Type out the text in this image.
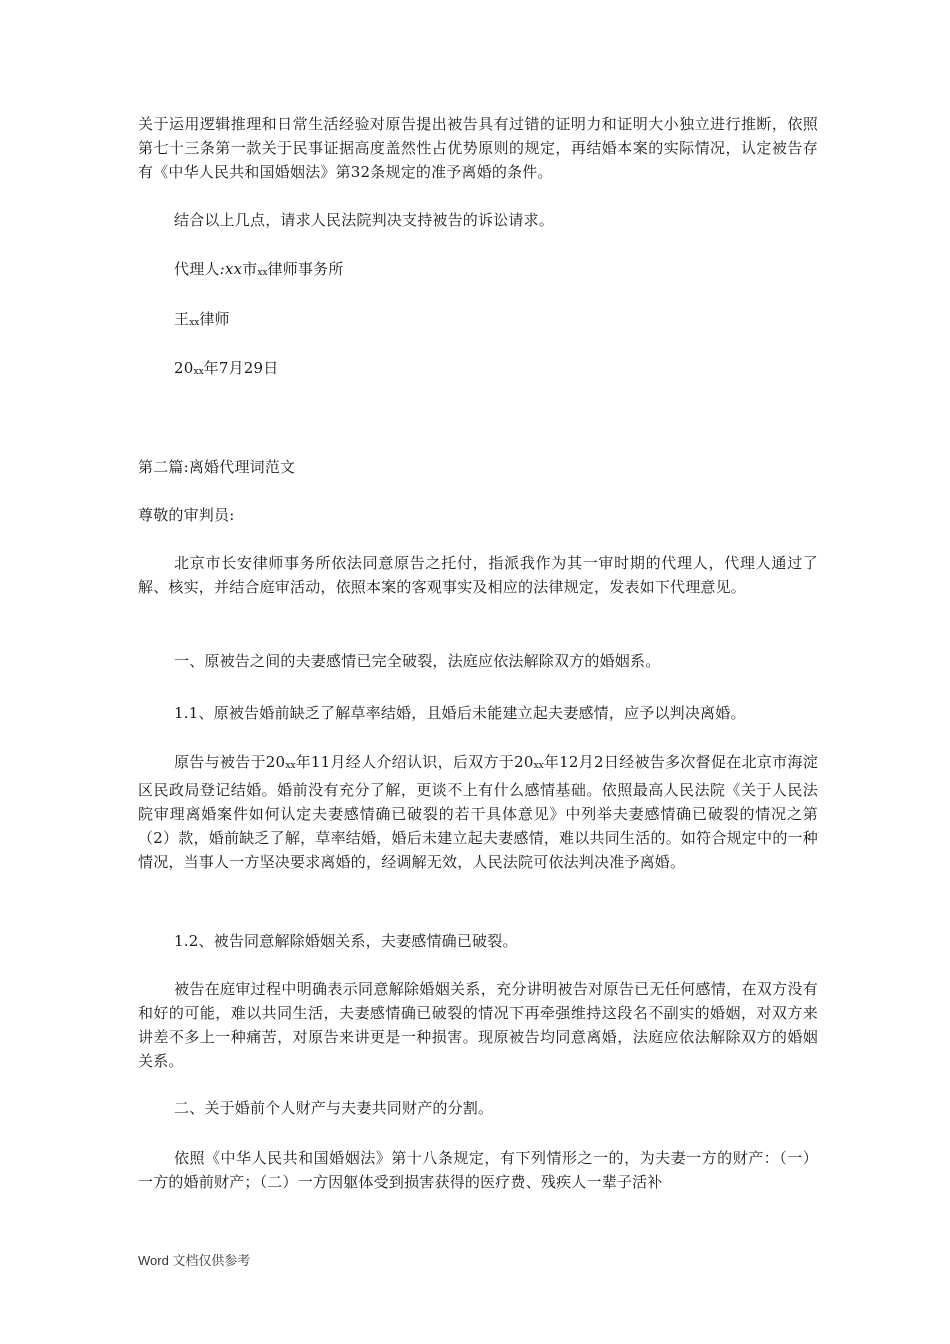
关于运用逻辑推理和日常生活经验对原告提出被告具有过错的证明力和证明大小独立进行推断，依照第七十三条第一款关于民事证据高度盖然性占优势原则的规定，再结婚本案的实际情况，认定被告存有《中华人民共和国婚姻法》第32条规定的准予离婚的条件。

结合以上几点，请求人民法院判决支持被告的诉讼请求。

代理人:xx市xx律师事务所

王xx律师

20xx年7月29日

第二篇:离婚代理词范文

尊敬的审判员:

北京市长安律师事务所依法同意原告之托付，指派我作为其一审时期的代理人，代理人通过了解、核实，并结合庭审活动，依照本案的客观事实及相应的法律规定，发表如下代理意见。

一、原被告之间的夫妻感情已完全破裂，法庭应依法解除双方的婚姻系。

1.1、原被告婚前缺乏了解草率结婚，且婚后未能建立起夫妻感情，应予以判决离婚。

原告与被告于20xx年11月经人介绍认识，后双方于20xx年12月2日经被告多次督促在北京市海淀区民政局登记结婚。婚前没有充分了解，更谈不上有什么感情基础。依照最高人民法院《关于人民法院审理离婚案件如何认定夫妻感情确已破裂的若干具体意见》中列举夫妻感情确已破裂的情况之第（2）款，婚前缺乏了解，草率结婚，婚后未建立起夫妻感情，难以共同生活的。如符合规定中的一种情况，当事人一方坚决要求离婚的，经调解无效，人民法院可依法判决准予离婚。

1.2、被告同意解除婚姻关系，夫妻感情确已破裂。

被告在庭审过程中明确表示同意解除婚姻关系，充分讲明被告对原告已无任何感情，在双方没有和好的可能，难以共同生活，夫妻感情确已破裂的情况下再牵强维持这段名不副实的婚姻，对双方来讲差不多上一种痛苦，对原告来讲更是一种损害。现原被告均同意离婚，法庭应依法解除双方的婚姻关系。

二、关于婚前个人财产与夫妻共同财产的分割。

依照《中华人民共和国婚姻法》第十八条规定，有下列情形之一的，为夫妻一方的财产：（一）一方的婚前财产；（二）一方因躯体受到损害获得的医疗费、残疾人一辈子活补

Word 文档仅供参考
